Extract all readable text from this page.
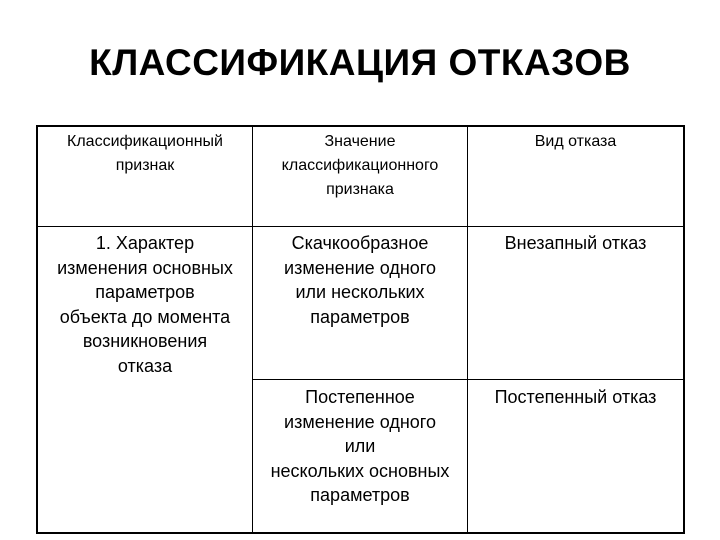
КЛАССИФИКАЦИЯ ОТКАЗОВ
Классификационный
признак
Значение
классификационного
признака
Вид отказа
1. Характер
изменения основных
параметров
объекта до момента
возникновения
отказа
Скачкообразное
изменение одного
или нескольких
параметров
Внезапный отказ
Постепенное
изменение одного
или
нескольких основных
параметров
Постепенный отказ
